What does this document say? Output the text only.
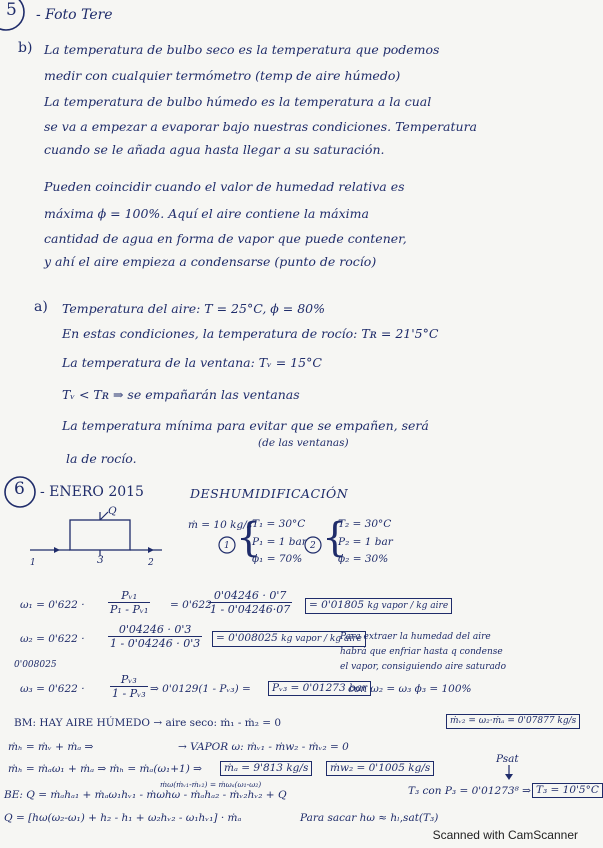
5 - Foto Tere
b) La temperatura de bulbo seco es la temperatura que podemos
medir con cualquier termómetro (temp de aire húmedo)
La temperatura de bulbo húmedo es la temperatura a la cual
se va a empezar a evaporar bajo nuestras condiciones. Temperatura
cuando se le añada agua hasta llegar a su saturación.
Pueden coincidir cuando el valor de humedad relativa es
máxima ϕ = 100%. Aquí el aire contiene la máxima
cantidad de agua en forma de vapor que puede contener,
y ahí el aire empieza a condensarse (punto de rocío)
a) Temperatura del aire: T = 25°C, ϕ = 80%
En estas condiciones, la temperatura de rocío: Tʀ = 21'5°C
La temperatura de la ventana: Tᵥ = 15°C
Tᵥ < Tʀ ⇒ se empañarán las ventanas
La temperatura mínima para evitar que se empañen, será
(de las ventanas)
la de rocío.
6 - ENERO 2015	DESHUMIDIFICACIÓN
Q
1	3	2
ṁ = 10 kg/s
1 {
T₁ = 30°C
P₁ = 1 bar
ϕ₁ = 70%
2 {
T₂ = 30°C
P₂ = 1 bar
ϕ₂ = 30%
$\omega_1 = 0'622 \cdot \frac{\text{Pᵥ₁}}{\text{P₁ - Pᵥ₁}} = 0'622$
$\frac{0'04246 \cdot 0'7}{1 - 0'04246\cdot 07}$	= 0'01805 kg vapor / kg aire
$\omega_2 = 0'622 \cdot \frac{0'04246 \cdot 0'3}{1 - 0'04246 \cdot 0'3}$	= 0'008025 kg vapor / kg aire
Para extraer la humedad del aire
habrá que enfriar hasta q condense
el vapor, consiguiendo aire saturado
0'008025
$\omega_3 = 0'622 \cdot \frac{\text{Pᵥ₃}}{\text{1 - Pᵥ₃}}$ ⇒ 0'0129(1 - Pᵥ₃) =	Pᵥ₃ = 0'01273 bar
con ω₂ = ω₃ ϕ₃ = 100%
BM: HAY AIRE HÚMEDO → aire seco: ṁ₁ - ṁ₂ = 0	ṁᵥ₂ = ω₂·ṁₐ = 0'07877 kg/s
ṁₕ = ṁᵥ + ṁₐ ⇒	→ VAPOR ω: ṁᵥ₁ - ṁw₂ - ṁᵥ₂ = 0
ṁₕ = ṁₐω₁ + ṁₐ ⇒ ṁₕ = ṁₐ(ω₁+1) ⇒	ṁₐ = 9'813 kg/s	ṁw₂ = 0'1005 kg/s
Psat
ṁω(ṁᵥ₁-ṁᵥ₂) = ṁωₐ(ω₁-ω₂)
BE: Q = ṁₐhₐ₁ + ṁₐω₁hᵥ₁ - ṁωhω - ṁₐhₐ₂ - ṁᵥ₂hᵥ₂ + Q	T₃ con P₃ = 0'01273⁸ ⇒ T₃ = 10'5°C
Q = [hω(ω₂-ω₁) + h₂ - h₁ + ω₂hᵥ₂ - ω₁hᵥ₁] · ṁₐ	Para sacar hω ≈ hₗ,sat(T₃)
Scanned with CamScanner
